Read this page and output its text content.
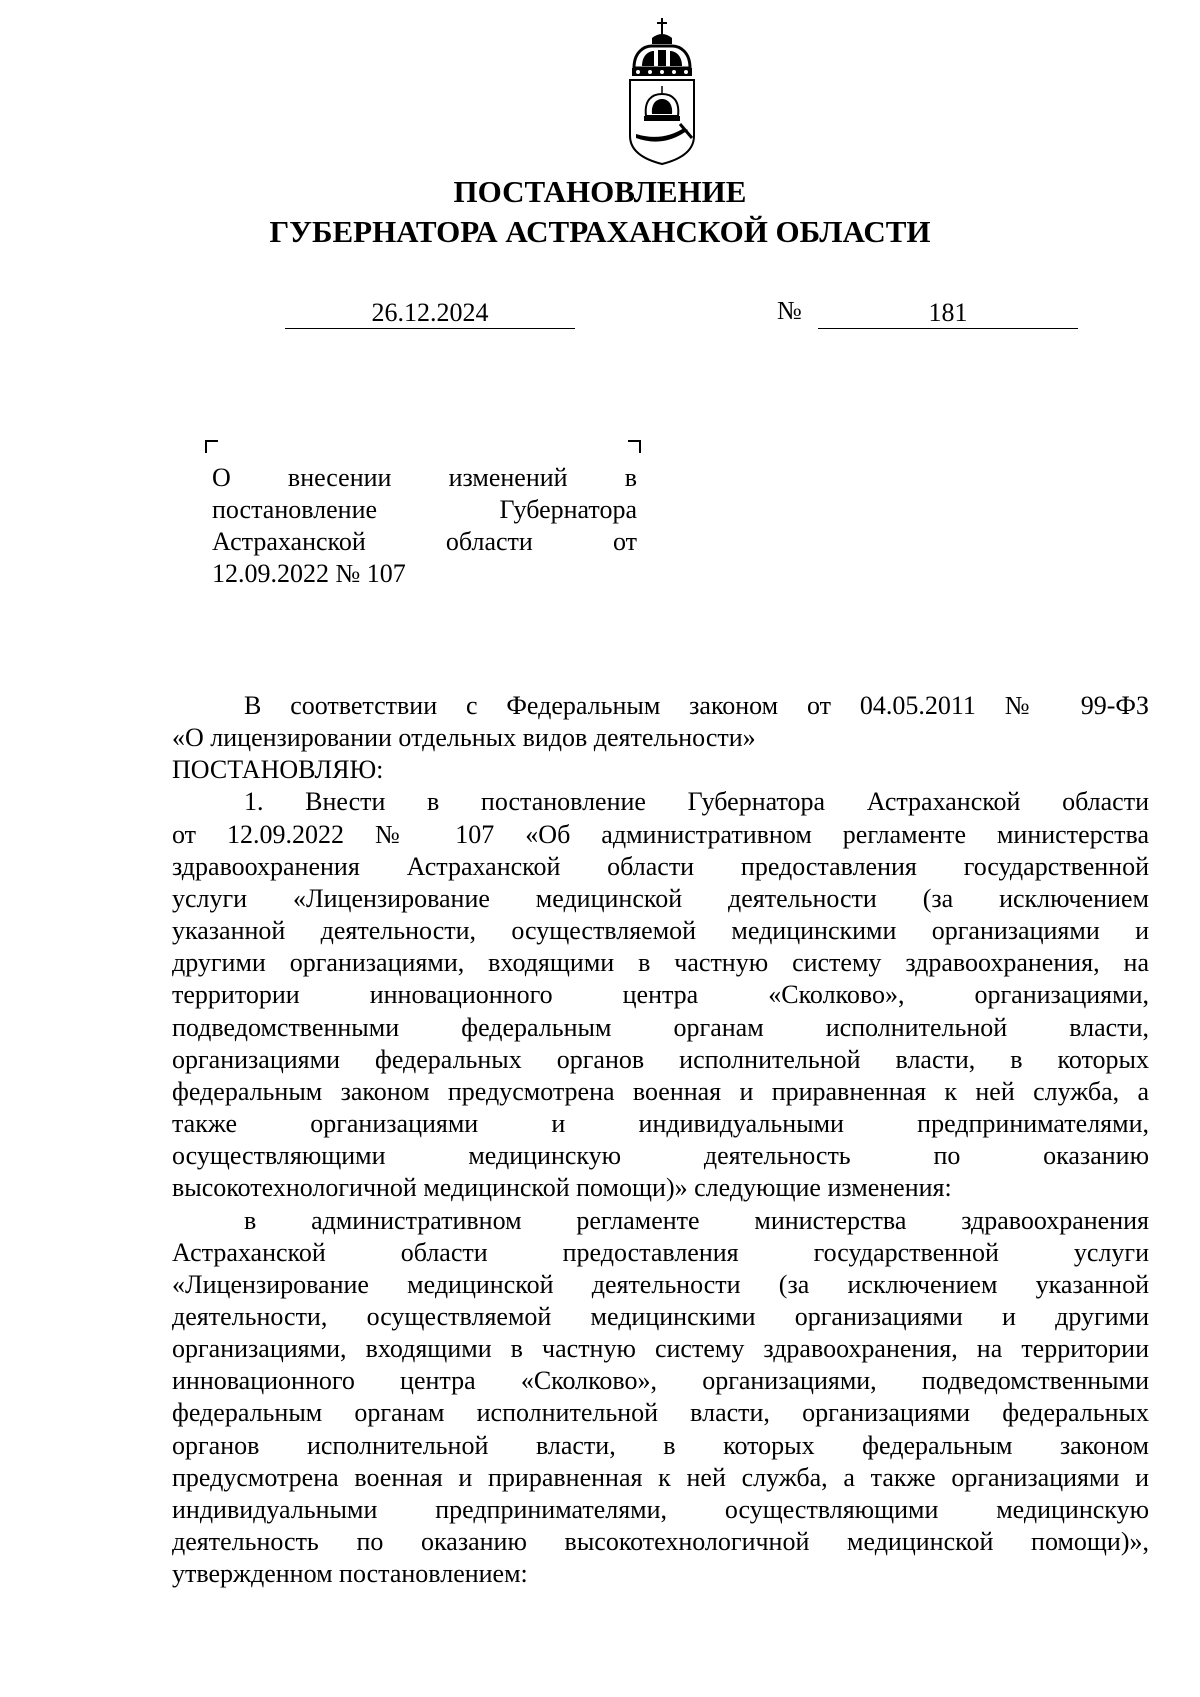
ПОСТАНОВЛЕНИЕ
ГУБЕРНАТОРА АСТРАХАНСКОЙ ОБЛАСТИ
26.12.2024	№	181
О внесении изменений в
постановление Губернатора
Астраханской области от
12.09.2022 № 107
В соответствии с Федеральным законом от 04.05.2011 № 99-ФЗ
«О лицензировании отдельных видов деятельности»
ПОСТАНОВЛЯЮ:
1. Внести в постановление Губернатора Астраханской области
от 12.09.2022 № 107 «Об административном регламенте министерства
здравоохранения Астраханской области предоставления государственной
услуги «Лицензирование медицинской деятельности (за исключением
указанной деятельности, осуществляемой медицинскими организациями и
другими организациями, входящими в частную систему здравоохранения, на
территории инновационного центра «Сколково», организациями,
подведомственными федеральным органам исполнительной власти,
организациями федеральных органов исполнительной власти, в которых
федеральным законом предусмотрена военная и приравненная к ней служба, а
также организациями и индивидуальными предпринимателями,
осуществляющими медицинскую деятельность по оказанию
высокотехнологичной медицинской помощи)» следующие изменения:
в административном регламенте министерства здравоохранения
Астраханской области предоставления государственной услуги
«Лицензирование медицинской деятельности (за исключением указанной
деятельности, осуществляемой медицинскими организациями и другими
организациями, входящими в частную систему здравоохранения, на территории
инновационного центра «Сколково», организациями, подведомственными
федеральным органам исполнительной власти, организациями федеральных
органов исполнительной власти, в которых федеральным законом
предусмотрена военная и приравненная к ней служба, а также организациями и
индивидуальными предпринимателями, осуществляющими медицинскую
деятельность по оказанию высокотехнологичной медицинской помощи)»,
утвержденном постановлением:
